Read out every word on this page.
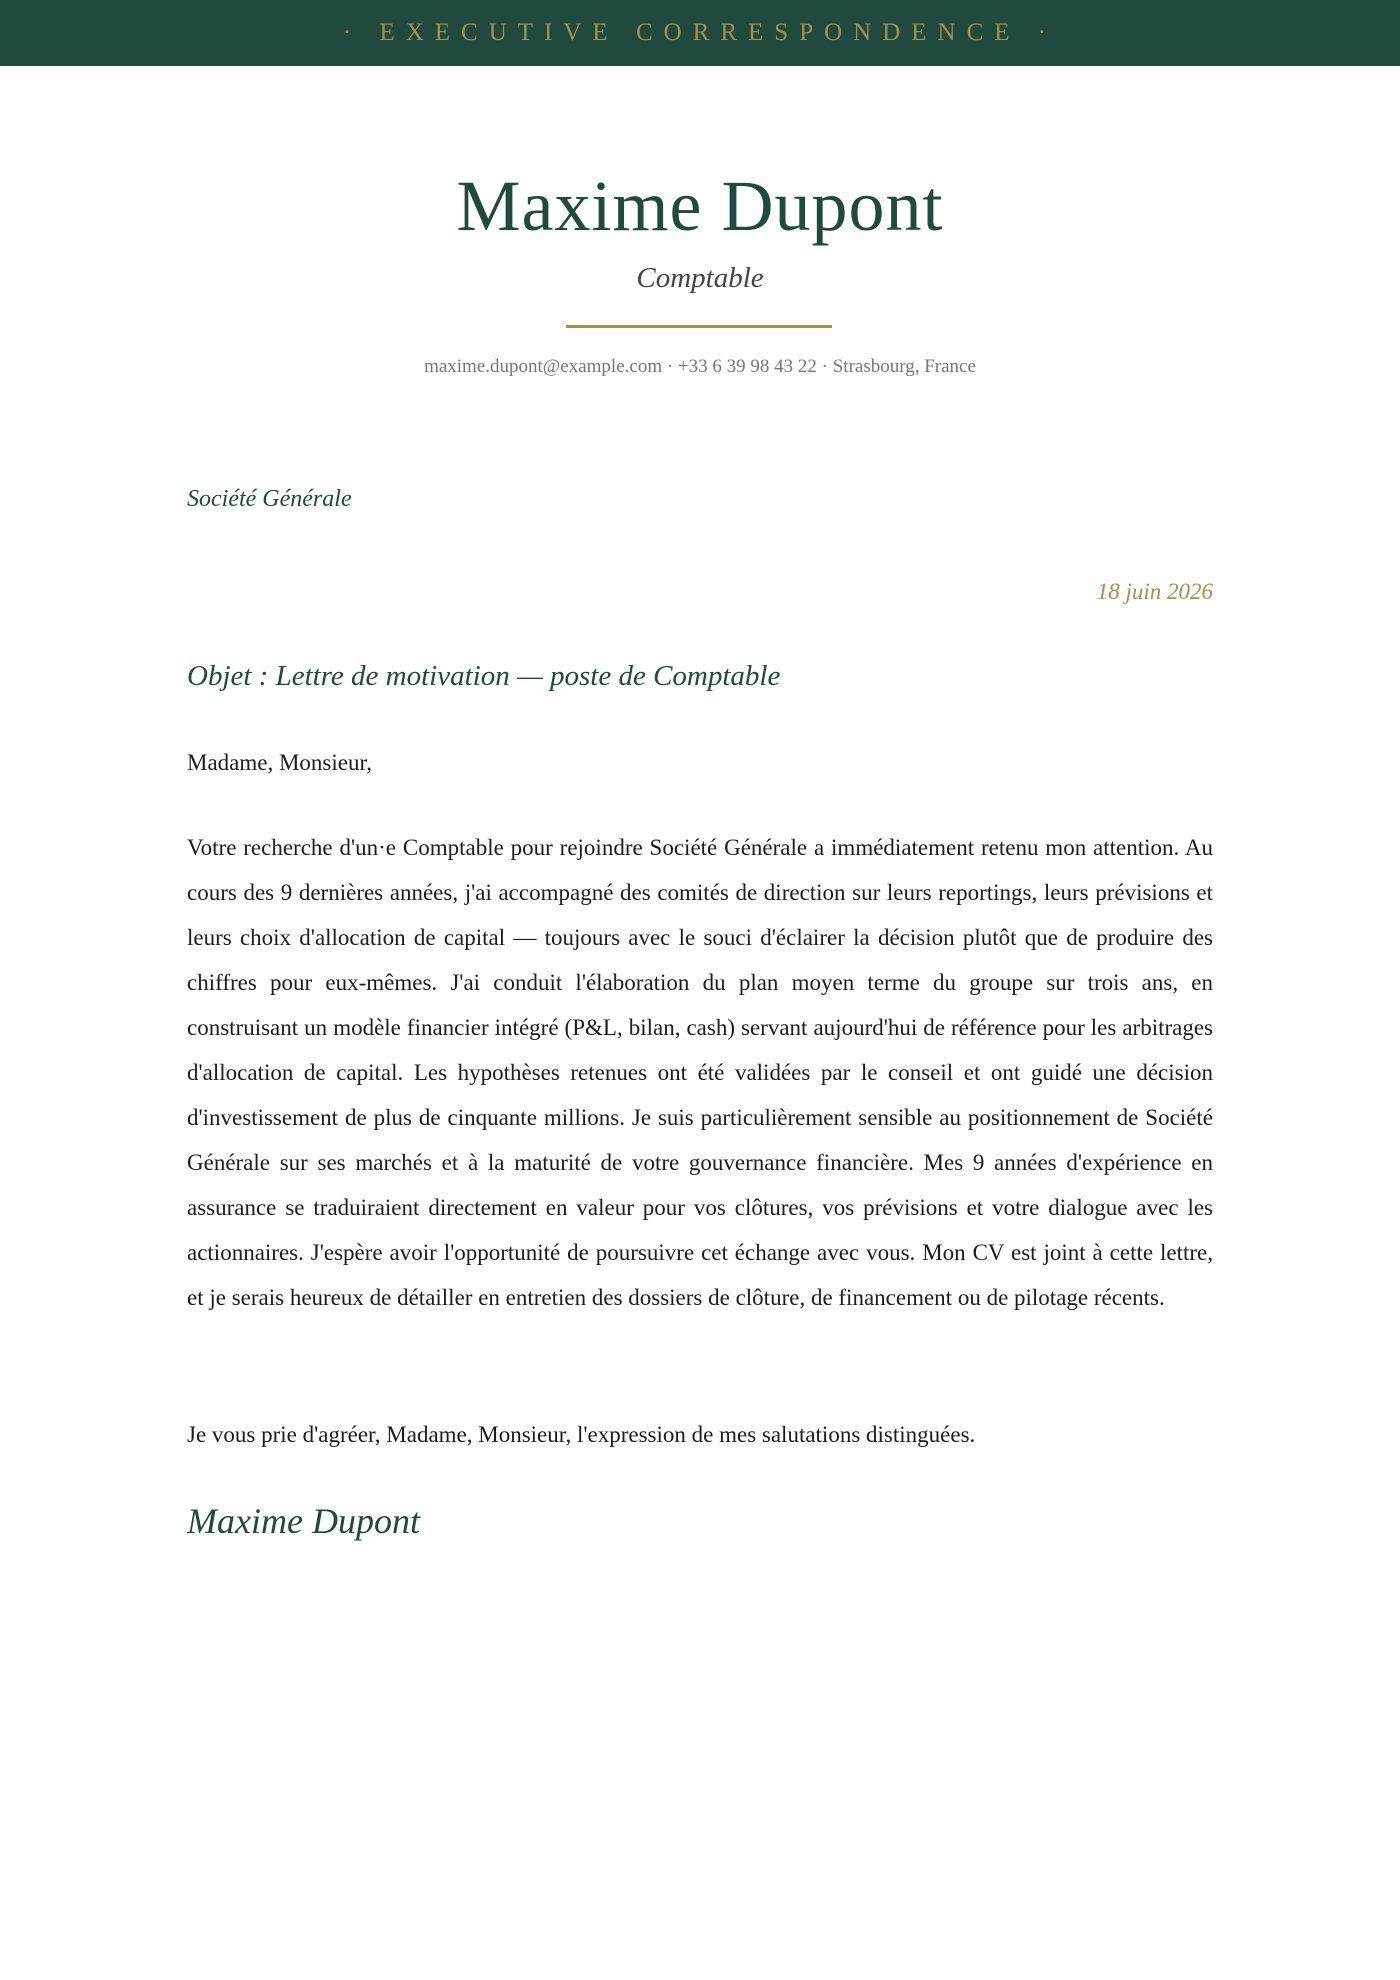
· EXECUTIVE CORRESPONDENCE ·
Maxime Dupont
Comptable
maxime.dupont@example.com · +33 6 39 98 43 22 · Strasbourg, France
Société Générale
18 juin 2026
Objet : Lettre de motivation — poste de Comptable
Madame, Monsieur,

Votre recherche d'un·e Comptable pour rejoindre Société Générale a immédiatement retenu mon attention. Au cours des 9 dernières années, j'ai accompagné des comités de direction sur leurs reportings, leurs prévisions et leurs choix d'allocation de capital — toujours avec le souci d'éclairer la décision plutôt que de produire des chiffres pour eux-mêmes. J'ai conduit l'élaboration du plan moyen terme du groupe sur trois ans, en construisant un modèle financier intégré (P&L, bilan, cash) servant aujourd'hui de référence pour les arbitrages d'allocation de capital. Les hypothèses retenues ont été validées par le conseil et ont guidé une décision d'investissement de plus de cinquante millions. Je suis particulièrement sensible au positionnement de Société Générale sur ses marchés et à la maturité de votre gouvernance financière. Mes 9 années d'expérience en assurance se traduiraient directement en valeur pour vos clôtures, vos prévisions et votre dialogue avec les actionnaires. J'espère avoir l'opportunité de poursuivre cet échange avec vous. Mon CV est joint à cette lettre, et je serais heureux de détailler en entretien des dossiers de clôture, de financement ou de pilotage récents.

Je vous prie d'agréer, Madame, Monsieur, l'expression de mes salutations distinguées.
Maxime Dupont
